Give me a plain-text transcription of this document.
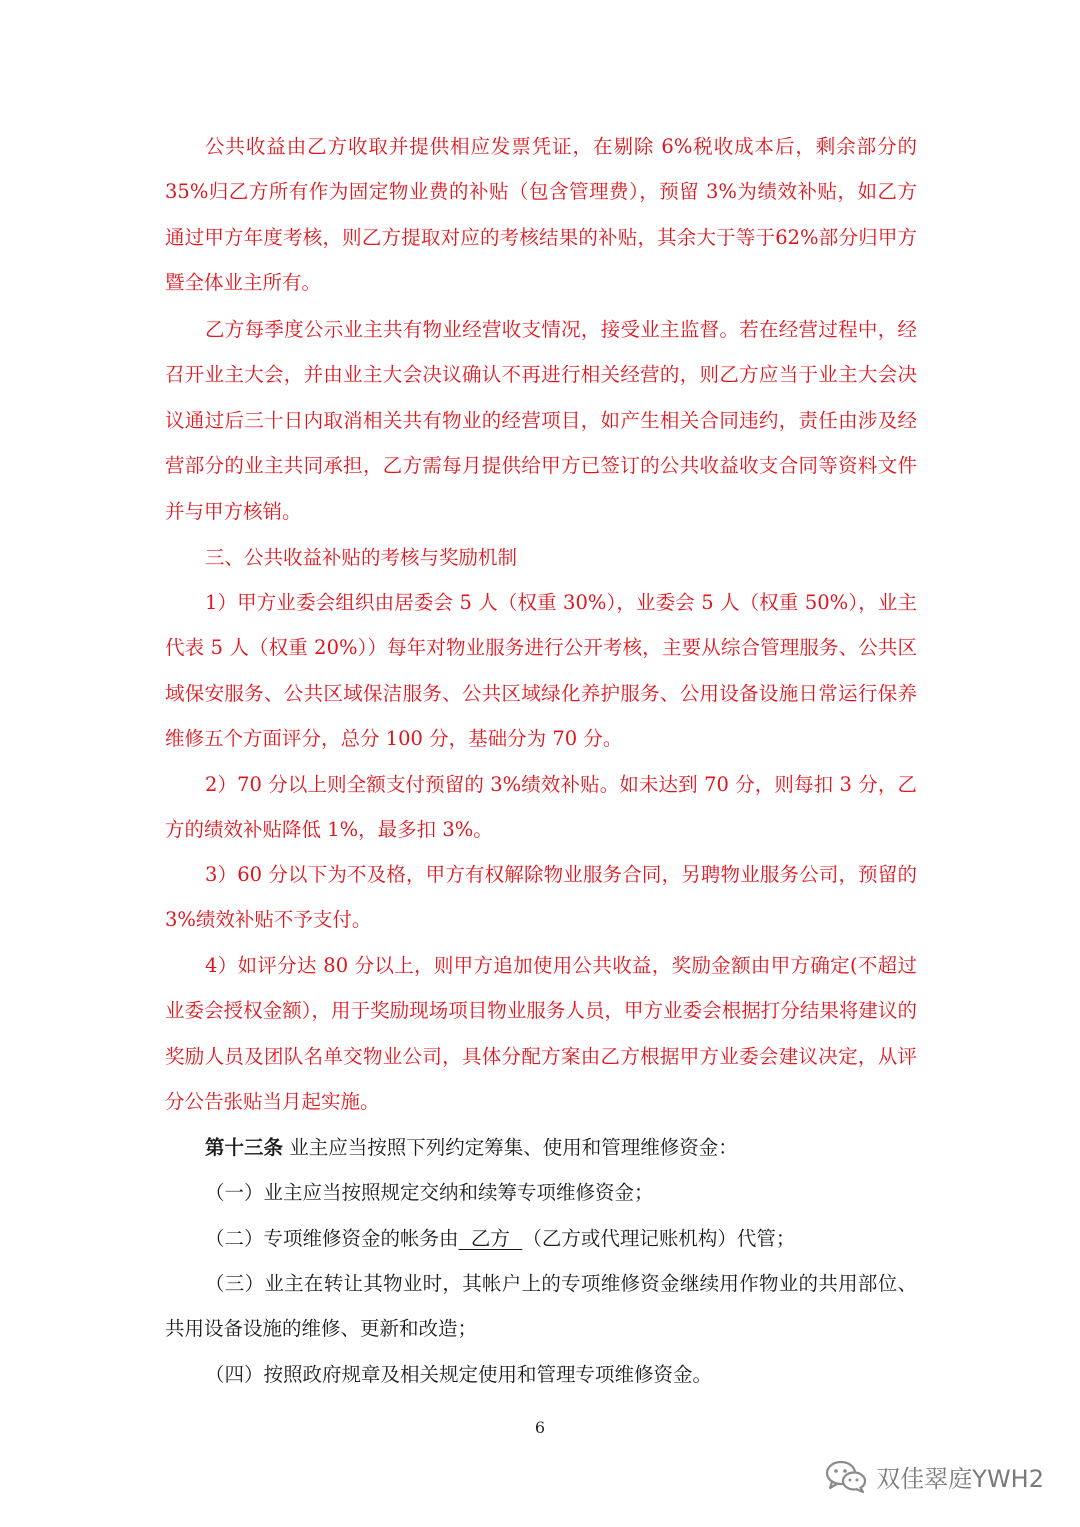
公共收益由乙方收取并提供相应发票凭证，在剔除 6%税收成本后，剩余部分的 35%归乙方所有作为固定物业费的补贴（包含管理费），预留 3%为绩效补贴，如乙方通过甲方年度考核，则乙方提取对应的考核结果的补贴，其余大于等于62%部分归甲方暨全体业主所有。

乙方每季度公示业主共有物业经营收支情况，接受业主监督。若在经营过程中，经召开业主大会，并由业主大会决议确认不再进行相关经营的，则乙方应当于业主大会决议通过后三十日内取消相关共有物业的经营项目，如产生相关合同违约，责任由涉及经营部分的业主共同承担，乙方需每月提供给甲方已签订的公共收益收支合同等资料文件并与甲方核销。

三、公共收益补贴的考核与奖励机制

1）甲方业委会组织由居委会 5 人（权重 30%），业委会 5 人（权重 50%），业主代表 5 人（权重 20%））每年对物业服务进行公开考核，主要从综合管理服务、公共区域保安服务、公共区域保洁服务、公共区域绿化养护服务、公用设备设施日常运行保养维修五个方面评分，总分 100 分，基础分为 70 分。

2）70 分以上则全额支付预留的 3%绩效补贴。如未达到 70 分，则每扣 3 分，乙方的绩效补贴降低 1%，最多扣 3%。

3）60 分以下为不及格，甲方有权解除物业服务合同，另聘物业服务公司，预留的 3%绩效补贴不予支付。

4）如评分达 80 分以上，则甲方追加使用公共收益，奖励金额由甲方确定(不超过业委会授权金额），用于奖励现场项目物业服务人员，甲方业委会根据打分结果将建议的奖励人员及团队名单交物业公司，具体分配方案由乙方根据甲方业委会建议决定，从评分公告张贴当月起实施。

第十三条 业主应当按照下列约定筹集、使用和管理维修资金：

（一）业主应当按照规定交纳和续筹专项维修资金；

（二）专项维修资金的帐务由  乙方  （乙方或代理记账机构）代管；

（三）业主在转让其物业时，其帐户上的专项维修资金继续用作物业的共用部位、共用设备设施的维修、更新和改造；

（四）按照政府规章及相关规定使用和管理专项维修资金。

6
双佳翠庭YWH2
